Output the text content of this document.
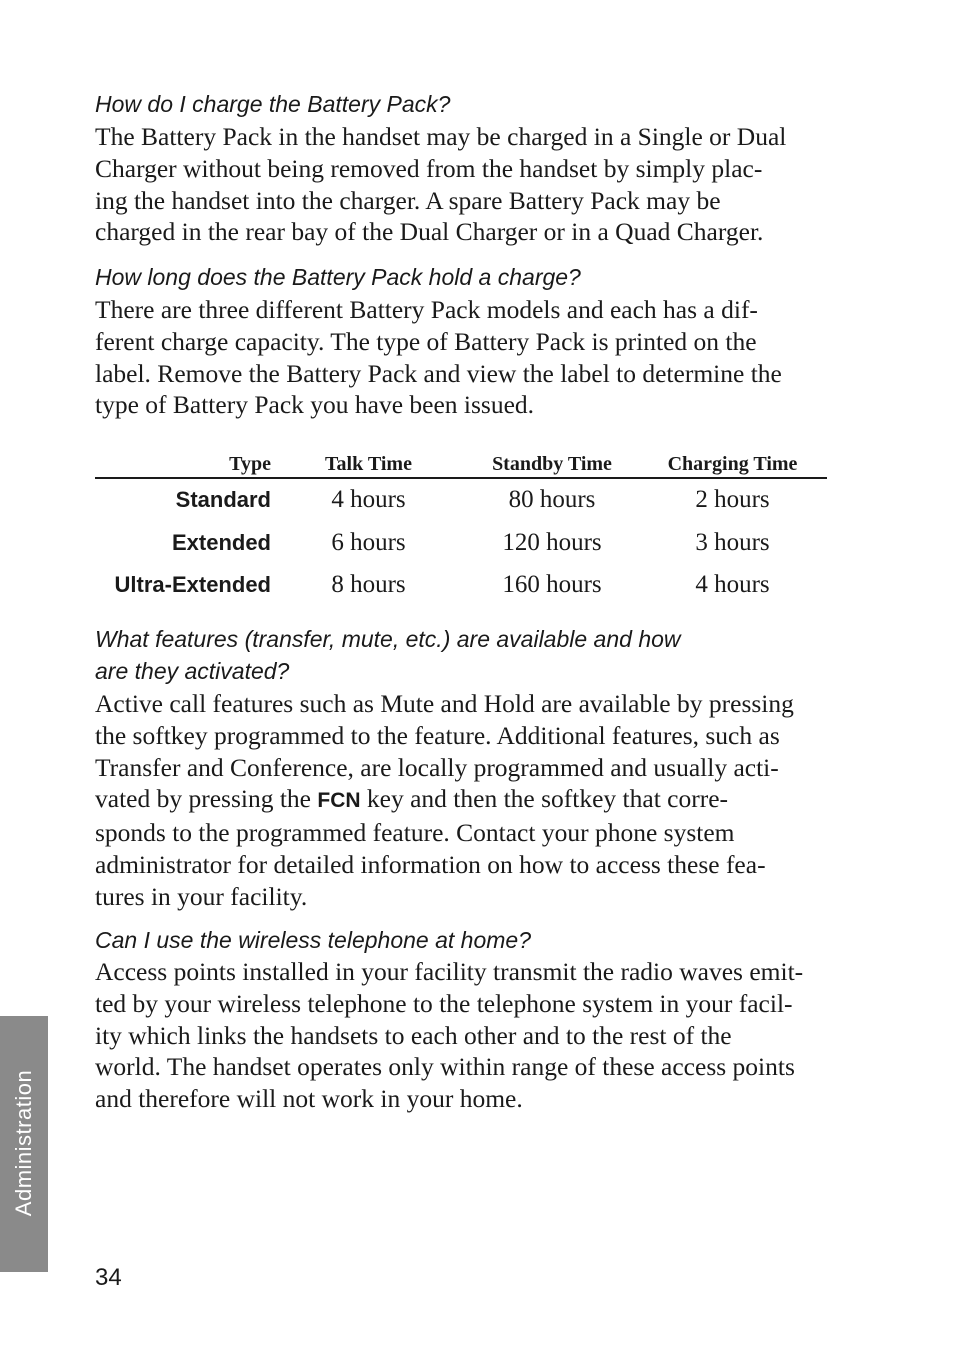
How do I charge the Battery Pack?
The Battery Pack in the handset may be charged in a Single or Dual
Charger without being removed from the handset by simply plac-
ing the handset into the charger. A spare Battery Pack may be
charged in the rear bay of the Dual Charger or in a Quad Charger.
How long does the Battery Pack hold a charge?
There are three different Battery Pack models and each has a dif-
ferent charge capacity. The type of Battery Pack is printed on the
label. Remove the Battery Pack and view the label to determine the
type of Battery Pack you have been issued.
Type	Talk Time	Standby Time	Charging Time
Standard	4 hours	80 hours	2 hours
Extended	6 hours	120 hours	3 hours
Ultra-Extended	8 hours	160 hours	4 hours
What features (transfer, mute, etc.) are available and how
are they activated?
Active call features such as Mute and Hold are available by pressing
the softkey programmed to the feature. Additional features, such as
Transfer and Conference, are locally programmed and usually acti-
vated by pressing the FCN key and then the softkey that corre-
sponds to the programmed feature. Contact your phone system
administrator for detailed information on how to access these fea-
tures in your facility.
Can I use the wireless telephone at home?
Access points installed in your facility transmit the radio waves emit-
ted by your wireless telephone to the telephone system in your facil-
ity which links the handsets to each other and to the rest of the
world. The handset operates only within range of these access points
and therefore will not work in your home.
Administration
34
